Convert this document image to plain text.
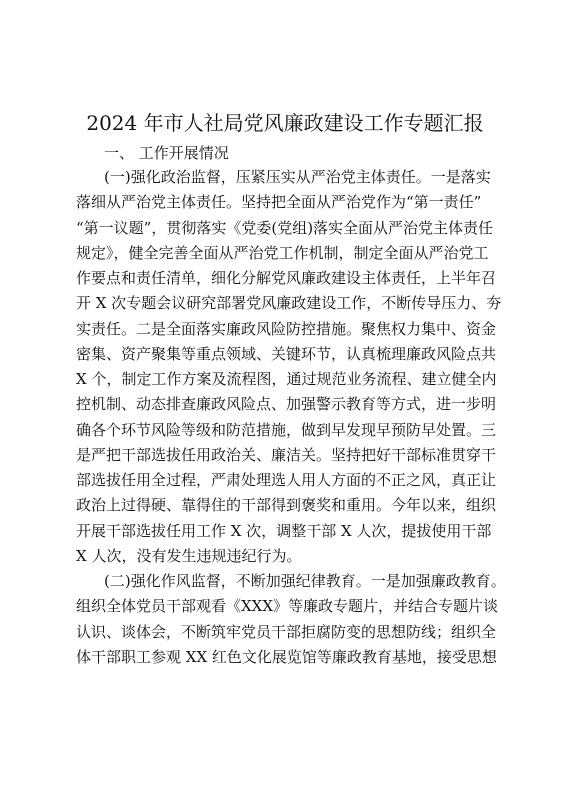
2024 年市人社局党风廉政建设工作专题汇报
一、 工作开展情况
(一)强化政治监督，压紧压实从严治党主体责任。一是落实
落细从严治党主体责任。坚持把全面从严治党作为“第一责任”
“第一议题”，贯彻落实《党委(党组)落实全面从严治党主体责任
规定》，健全完善全面从严治党工作机制，制定全面从严治党工
作要点和责任清单，细化分解党风廉政建设主体责任，上半年召
开 X 次专题会议研究部署党风廉政建设工作，不断传导压力、夯
实责任。二是全面落实廉政风险防控措施。聚焦权力集中、资金
密集、资产聚集等重点领域、关键环节，认真梳理廉政风险点共
X 个，制定工作方案及流程图，通过规范业务流程、建立健全内
控机制、动态排查廉政风险点、加强警示教育等方式，进一步明
确各个环节风险等级和防范措施，做到早发现早预防早处置。三
是严把干部选拔任用政治关、廉洁关。坚持把好干部标准贯穿干
部选拔任用全过程，严肃处理选人用人方面的不正之风，真正让
政治上过得硬、靠得住的干部得到褒奖和重用。今年以来，组织
开展干部选拔任用工作 X 次，调整干部 X 人次，提拔使用干部
X 人次，没有发生违规违纪行为。
(二)强化作风监督，不断加强纪律教育。一是加强廉政教育。
组织全体党员干部观看《XXX》等廉政专题片，并结合专题片谈
认识、谈体会，不断筑牢党员干部拒腐防变的思想防线；组织全
体干部职工参观 XX 红色文化展览馆等廉政教育基地，接受思想
